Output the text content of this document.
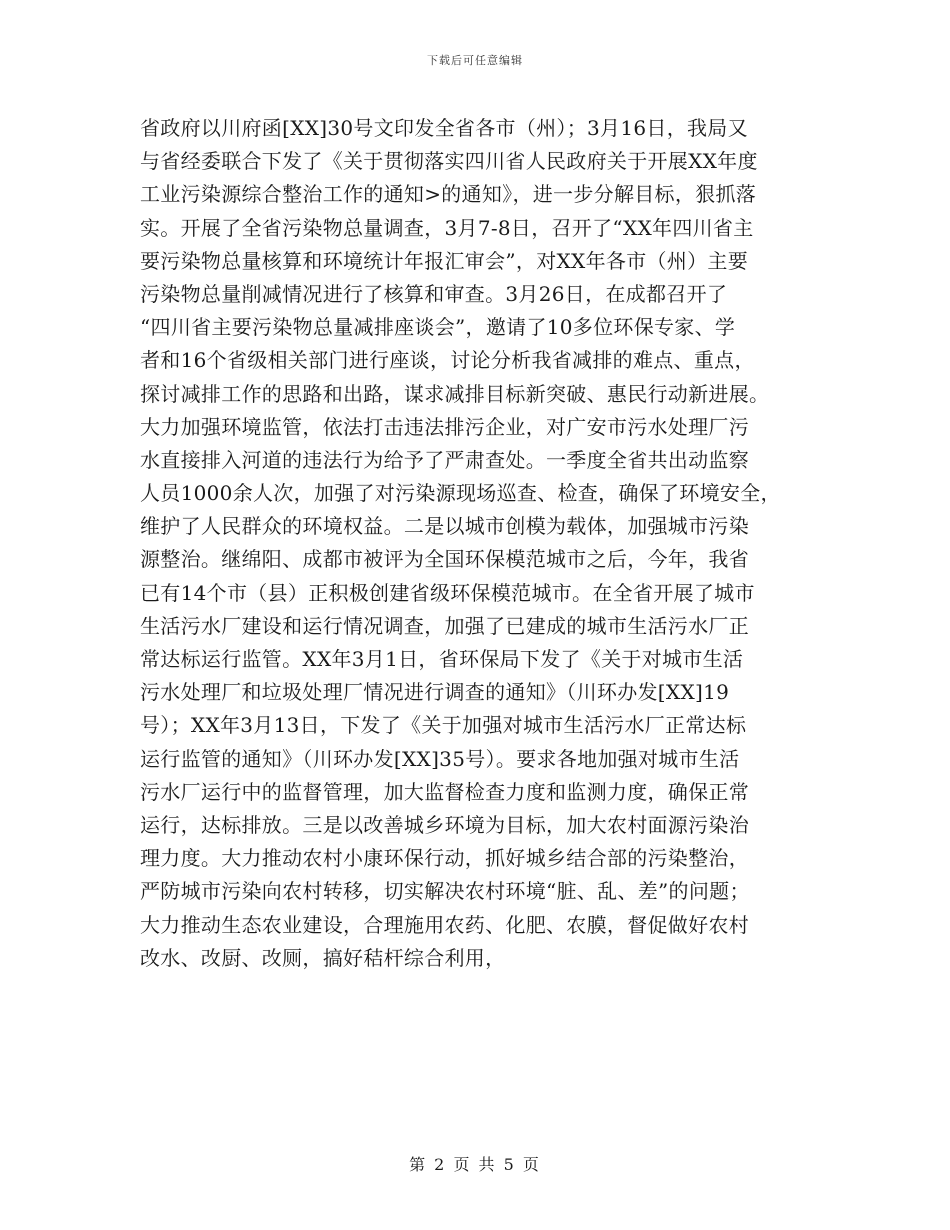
下载后可任意编辑
省政府以川府函[XX]30号文印发全省各市（州）；3月16日，我局又
与省经委联合下发了《关于贯彻落实四川省人民政府关于开展XX年度
工业污染源综合整治工作的通知>的通知》，进一步分解目标，狠抓落
实。开展了全省污染物总量调查，3月7-8日，召开了“XX年四川省主
要污染物总量核算和环境统计年报汇审会”，对XX年各市（州）主要
污染物总量削减情况进行了核算和审查。3月26日，在成都召开了
“四川省主要污染物总量减排座谈会”，邀请了10多位环保专家、学
者和16个省级相关部门进行座谈，讨论分析我省减排的难点、重点，
探讨减排工作的思路和出路，谋求减排目标新突破、惠民行动新进展。
大力加强环境监管，依法打击违法排污企业，对广安市污水处理厂污
水直接排入河道的违法行为给予了严肃查处。一季度全省共出动监察
人员1000余人次，加强了对污染源现场巡查、检查，确保了环境安全，
维护了人民群众的环境权益。二是以城市创模为载体，加强城市污染
源整治。继绵阳、成都市被评为全国环保模范城市之后，今年，我省
已有14个市（县）正积极创建省级环保模范城市。在全省开展了城市
生活污水厂建设和运行情况调查，加强了已建成的城市生活污水厂正
常达标运行监管。XX年3月1日，省环保局下发了《关于对城市生活
污水处理厂和垃圾处理厂情况进行调查的通知》（川环办发[XX]19
号）；XX年3月13日，下发了《关于加强对城市生活污水厂正常达标
运行监管的通知》（川环办发[XX]35号）。要求各地加强对城市生活
污水厂运行中的监督管理，加大监督检查力度和监测力度，确保正常
运行，达标排放。三是以改善城乡环境为目标，加大农村面源污染治
理力度。大力推动农村小康环保行动，抓好城乡结合部的污染整治，
严防城市污染向农村转移，切实解决农村环境“脏、乱、差”的问题；
大力推动生态农业建设，合理施用农药、化肥、农膜，督促做好农村
改水、改厨、改厕，搞好秸杆综合利用，
第 2 页 共 5 页
